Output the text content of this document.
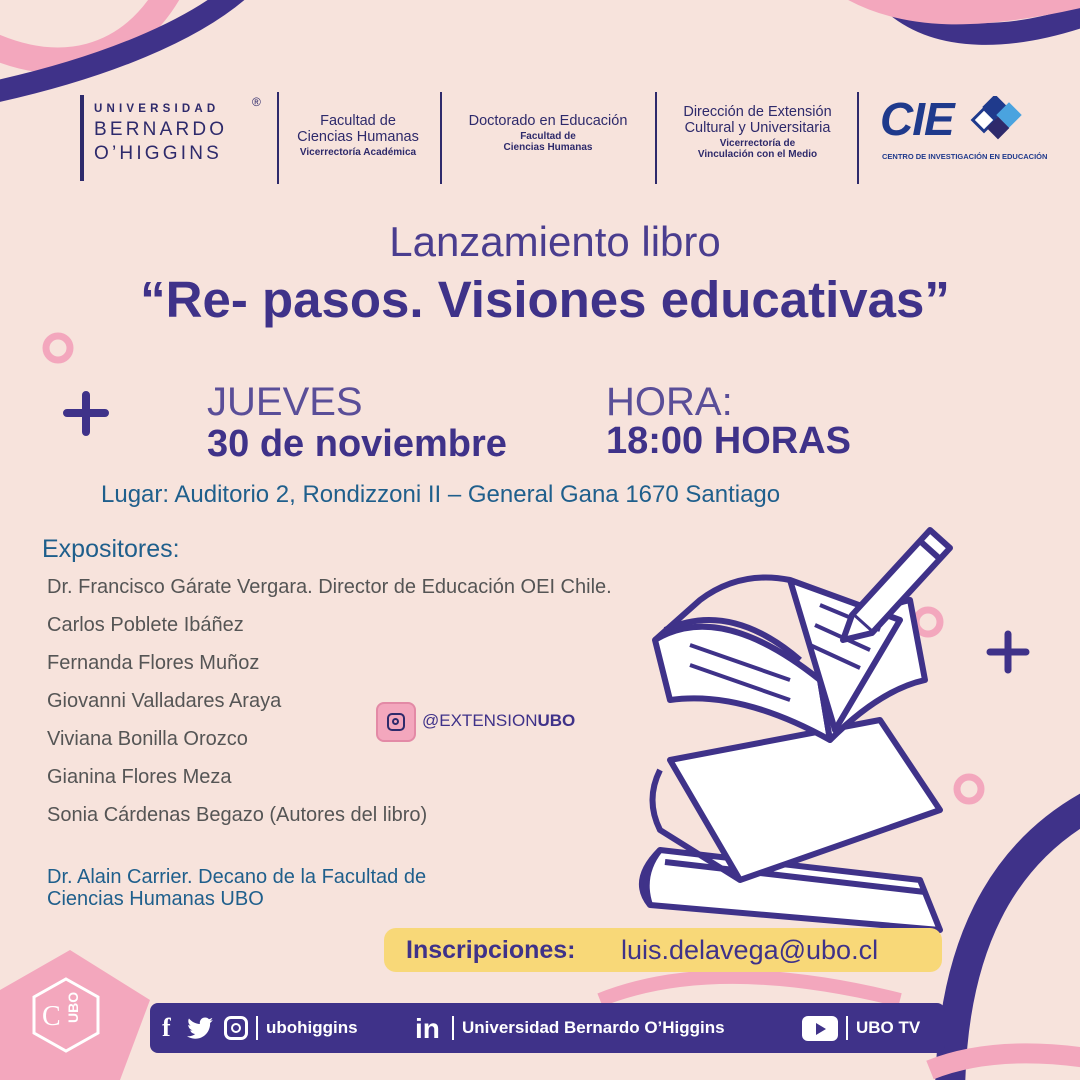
UNIVERSIDAD	®
BERNARDO
O’HIGGINS
Facultad de
Ciencias Humanas
Vicerrectoría Académica
Doctorado en Educación
Facultad de
Ciencias Humanas
Dirección de Extensión
Cultural y Universitaria
Vicerrectoría de
Vinculación con el Medio
CIE
CENTRO DE INVESTIGACIÓN EN EDUCACIÓN
Lanzamiento libro
“Re- pasos. Visiones educativas”
JUEVES
30 de noviembre
HORA:
18:00 HORAS
Lugar: Auditorio 2, Rondizzoni II – General Gana 1670 Santiago
Expositores:
Dr. Francisco Gárate Vergara. Director de Educación OEI Chile.
Carlos Poblete Ibáñez
Fernanda Flores Muñoz
Giovanni Valladares Araya
Viviana Bonilla Orozco
Gianina Flores Meza
Sonia Cárdenas Begazo (Autores del libro)
Dr. Alain Carrier. Decano de la Facultad de
Ciencias Humanas UBO
@EXTENSIONUBO
Inscripciones: luis.delavega@ubo.cl
f	ubohiggins in Universidad Bernardo O’Higgins	UBO TV
C UBO
